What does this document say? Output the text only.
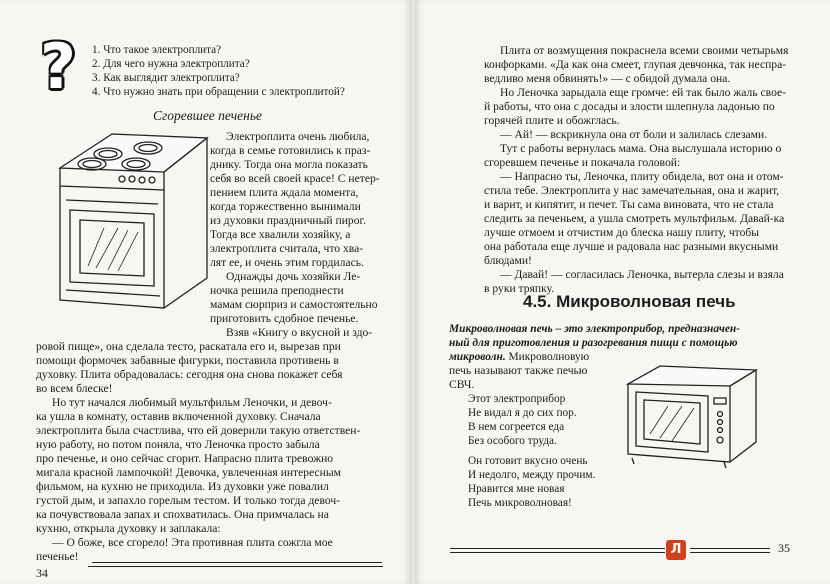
? 1. Что такое электроплита?
2. Для чего нужна электроплита?
3. Как выглядит электроплита?
4. Что нужно знать при обращении с электроплитой?
Сгоревшее печенье
Электроплита очень любила,
когда в семье готовились к праз-
днику. Тогда она могла показать
себя во всей своей красе! С нетер-
пением плита ждала момента,
когда торжественно вынимали
из духовки праздничный пирог.
Тогда все хвалили хозяйку, а
электроплита считала, что хва-
лят ее, и очень этим гордилась.
Однажды дочь хозяйки Ле-
ночка решила преподнести
мамам сюрприз и самостоятельно
приготовить сдобное печенье.
Взяв «Книгу о вкусной и здо-
ровой пище», она сделала тесто, раскатала его и, вырезав при
помощи формочек забавные фигурки, поставила противень в
духовку. Плита обрадовалась: сегодня она снова покажет себя
во всем блеске!
Но тут начался любимый мультфильм Леночки, и девоч-
ка ушла в комнату, оставив включенной духовку. Сначала
электроплита была счастлива, что ей доверили такую ответствен-
ную работу, но потом поняла, что Леночка просто забыла
про печенье, и оно сейчас сгорит. Напрасно плита тревожно
мигала красной лампочкой! Девочка, увлеченная интересным
фильмом, на кухню не приходила. Из духовки уже повалил
густой дым, и запахло горелым тестом. И только тогда девоч-
ка почувствовала запах и спохватилась. Она примчалась на
кухню, открыла духовку и заплакала:
— О боже, все сгорело! Эта противная плита сожгла мое
печенье!
34
Плита от возмущения покраснела всеми своими четырьмя
конфорками. «Да как она смеет, глупая девчонка, так неспра-
ведливо меня обвинять!» — с обидой думала она.
Но Леночка зарыдала еще громче: ей так было жаль свое-
й работы, что она с досады и злости шлепнула ладонью по
горячей плите и обожглась.
— Ай! — вскрикнула она от боли и залилась слезами.
Тут с работы вернулась мама. Она выслушала историю о
сгоревшем печенье и покачала головой:
— Напрасно ты, Леночка, плиту обидела, вот она и отом-
стила тебе. Электроплита у нас замечательная, она и жарит,
и варит, и кипятит, и печет. Ты сама виновата, что не стала
следить за печеньем, а ушла смотреть мультфильм. Давай-ка
лучше отмоем и отчистим до блеска нашу плиту, чтобы
она работала еще лучше и радовала нас разными вкусными
блюдами!
— Давай! — согласилась Леночка, вытерла слезы и взяла
в руки тряпку.
4.5. Микроволновая печь
Микроволновая печь – это электроприбор, предназначен-
ный для приготовления и разогревания пищи с помощью
микроволн. Микроволновую
печь называют также печью
СВЧ.
Этот электроприбор
Не видал я до сих пор.
В нем согреется еда
Без особого труда.
Он готовит вкусно очень
И недолго, между прочим.
Нравится мне новая
Печь микроволновая!
Л	35
